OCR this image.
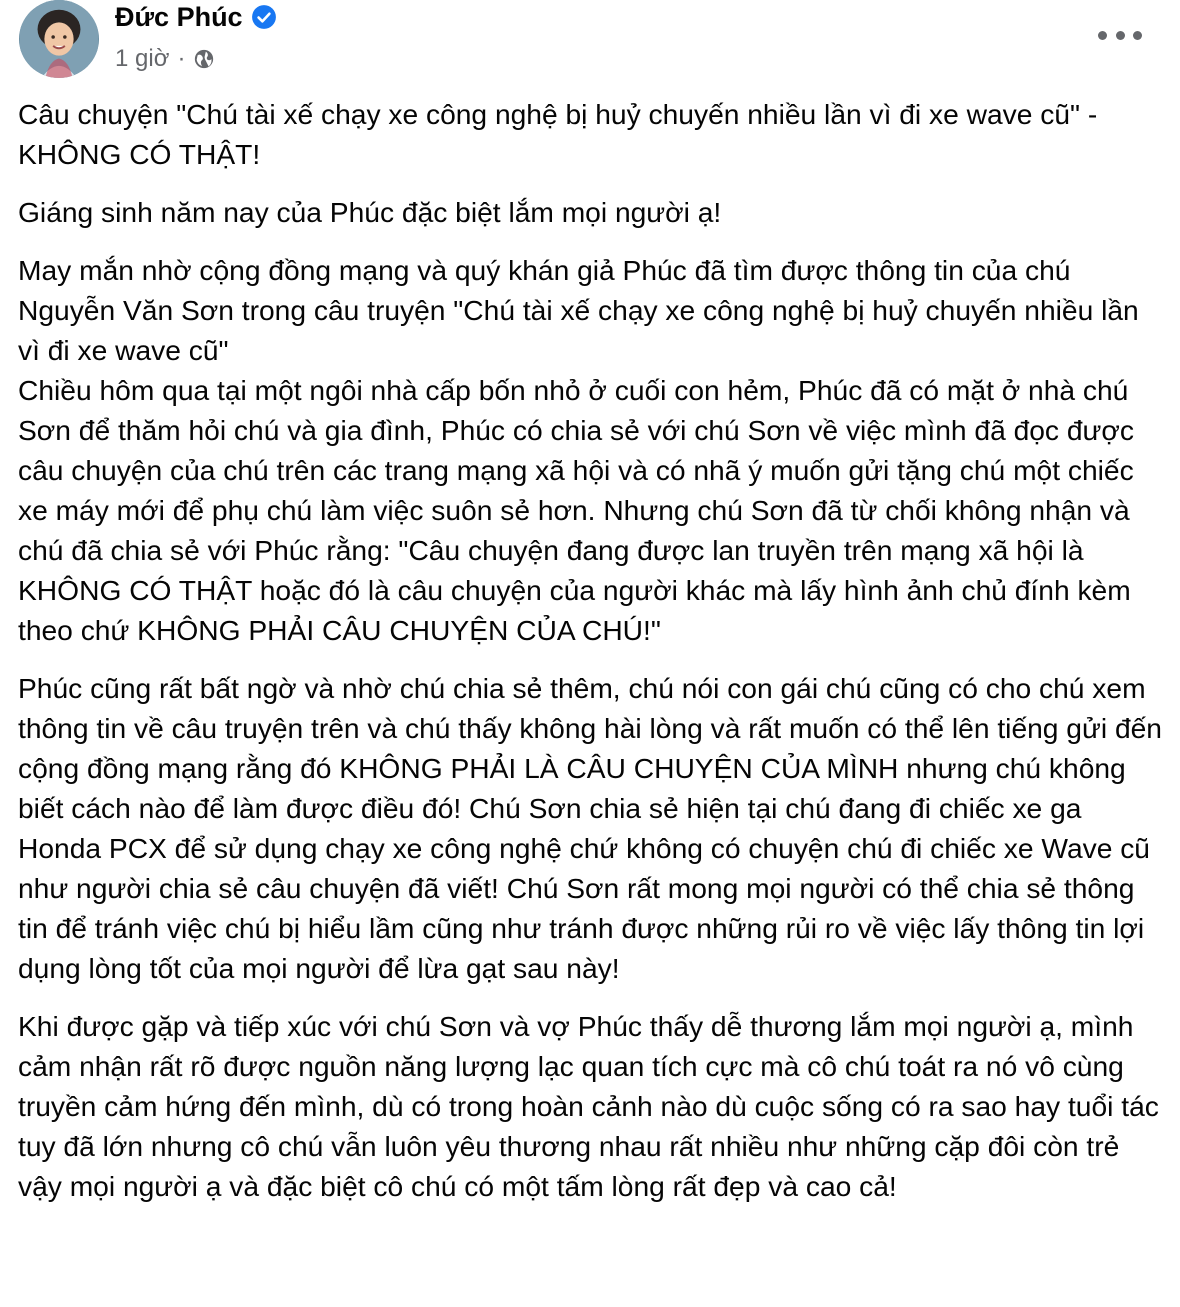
Đức Phúc
1 giờ ·

Câu chuyện "Chú tài xế chạy xe công nghệ bị huỷ chuyến nhiều lần vì đi xe wave cũ" - KHÔNG CÓ THẬT!

Giáng sinh năm nay của Phúc đặc biệt lắm mọi người ạ!

May mắn nhờ cộng đồng mạng và quý khán giả Phúc đã tìm được thông tin của chú Nguyễn Văn Sơn trong câu truyện "Chú tài xế chạy xe công nghệ bị huỷ chuyến nhiều lần vì đi xe wave cũ"

Chiều hôm qua tại một ngôi nhà cấp bốn nhỏ ở cuối con hẻm, Phúc đã có mặt ở nhà chú Sơn để thăm hỏi chú và gia đình, Phúc có chia sẻ với chú Sơn về việc mình đã đọc được câu chuyện của chú trên các trang mạng xã hội và có nhã ý muốn gửi tặng chú một chiếc xe máy mới để phụ chú làm việc suôn sẻ hơn. Nhưng chú Sơn đã từ chối không nhận và chú đã chia sẻ với Phúc rằng: "Câu chuyện đang được lan truyền trên mạng xã hội là KHÔNG CÓ THẬT hoặc đó là câu chuyện của người khác mà lấy hình ảnh chủ đính kèm theo chứ KHÔNG PHẢI CÂU CHUYỆN CỦA CHÚ!"

Phúc cũng rất bất ngờ và nhờ chú chia sẻ thêm, chú nói con gái chú cũng có cho chú xem thông tin về câu truyện trên và chú thấy không hài lòng và rất muốn có thể lên tiếng gửi đến cộng đồng mạng rằng đó KHÔNG PHẢI LÀ CÂU CHUYỆN CỦA MÌNH nhưng chú không biết cách nào để làm được điều đó! Chú Sơn chia sẻ hiện tại chú đang đi chiếc xe ga Honda PCX để sử dụng chạy xe công nghệ chứ không có chuyện chú đi chiếc xe Wave cũ như người chia sẻ câu chuyện đã viết! Chú Sơn rất mong mọi người có thể chia sẻ thông tin để tránh việc chú bị hiểu lầm cũng như tránh được những rủi ro về việc lấy thông tin lợi dụng lòng tốt của mọi người để lừa gạt sau này!

Khi được gặp và tiếp xúc với chú Sơn và vợ Phúc thấy dễ thương lắm mọi người ạ, mình cảm nhận rất rõ được nguồn năng lượng lạc quan tích cực mà cô chú toát ra nó vô cùng truyền cảm hứng đến mình, dù có trong hoàn cảnh nào dù cuộc sống có ra sao hay tuổi tác tuy đã lớn nhưng cô chú vẫn luôn yêu thương nhau rất nhiều như những cặp đôi còn trẻ vậy mọi người ạ và đặc biệt cô chú có một tấm lòng rất đẹp và cao cả!
